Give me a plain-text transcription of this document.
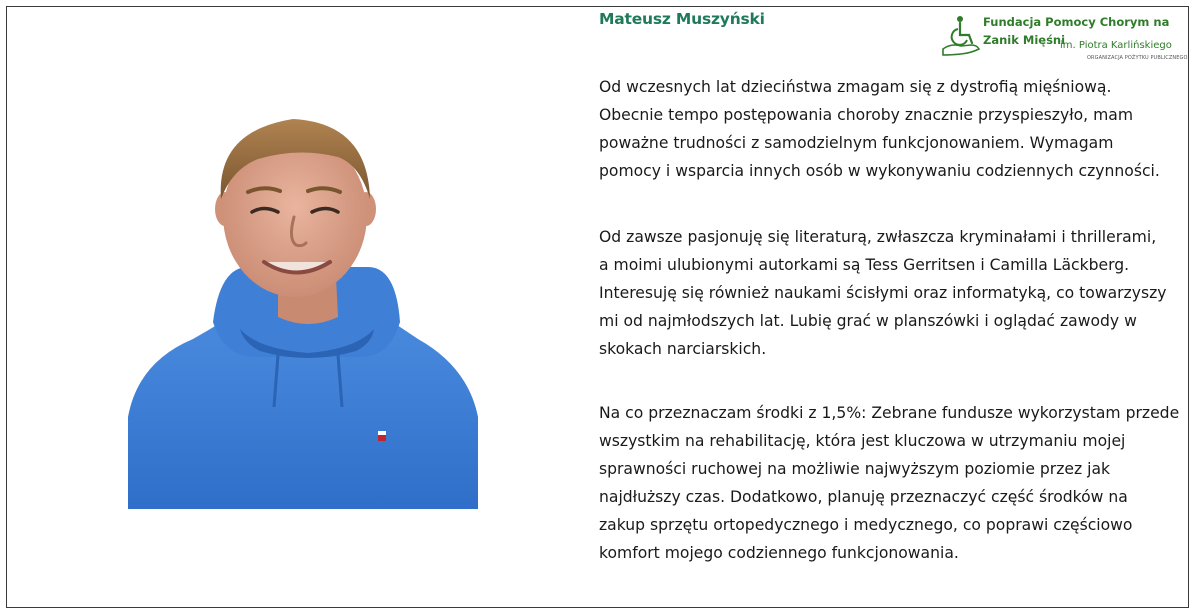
Mateusz Muszyński	Fundacja Pomocy Chorym na
Zanik Mięśni
im. Piotra Karlińskiego
ORGANIZACJA POŻYTKU PUBLICZNEGO
Od wczesnych lat dzieciństwa zmagam się z dystrofią mięśniową.
Obecnie tempo postępowania choroby znacznie przyspieszyło, mam
poważne trudności z samodzielnym funkcjonowaniem. Wymagam
pomocy i wsparcia innych osób w wykonywaniu codziennych czynności.
Od zawsze pasjonuję się literaturą, zwłaszcza kryminałami i thrillerami,
a moimi ulubionymi autorkami są Tess Gerritsen i Camilla Läckberg.
Interesuję się również naukami ścisłymi oraz informatyką, co towarzyszy
mi od najmłodszych lat. Lubię grać w planszówki i oglądać zawody w
skokach narciarskich.
Na co przeznaczam środki z 1,5%: Zebrane fundusze wykorzystam przede
wszystkim na rehabilitację, która jest kluczowa w utrzymaniu mojej
sprawności ruchowej na możliwie najwyższym poziomie przez jak
najdłuższy czas. Dodatkowo, planuję przeznaczyć część środków na
zakup sprzętu ortopedycznego i medycznego, co poprawi częściowo
komfort mojego codziennego funkcjonowania.
